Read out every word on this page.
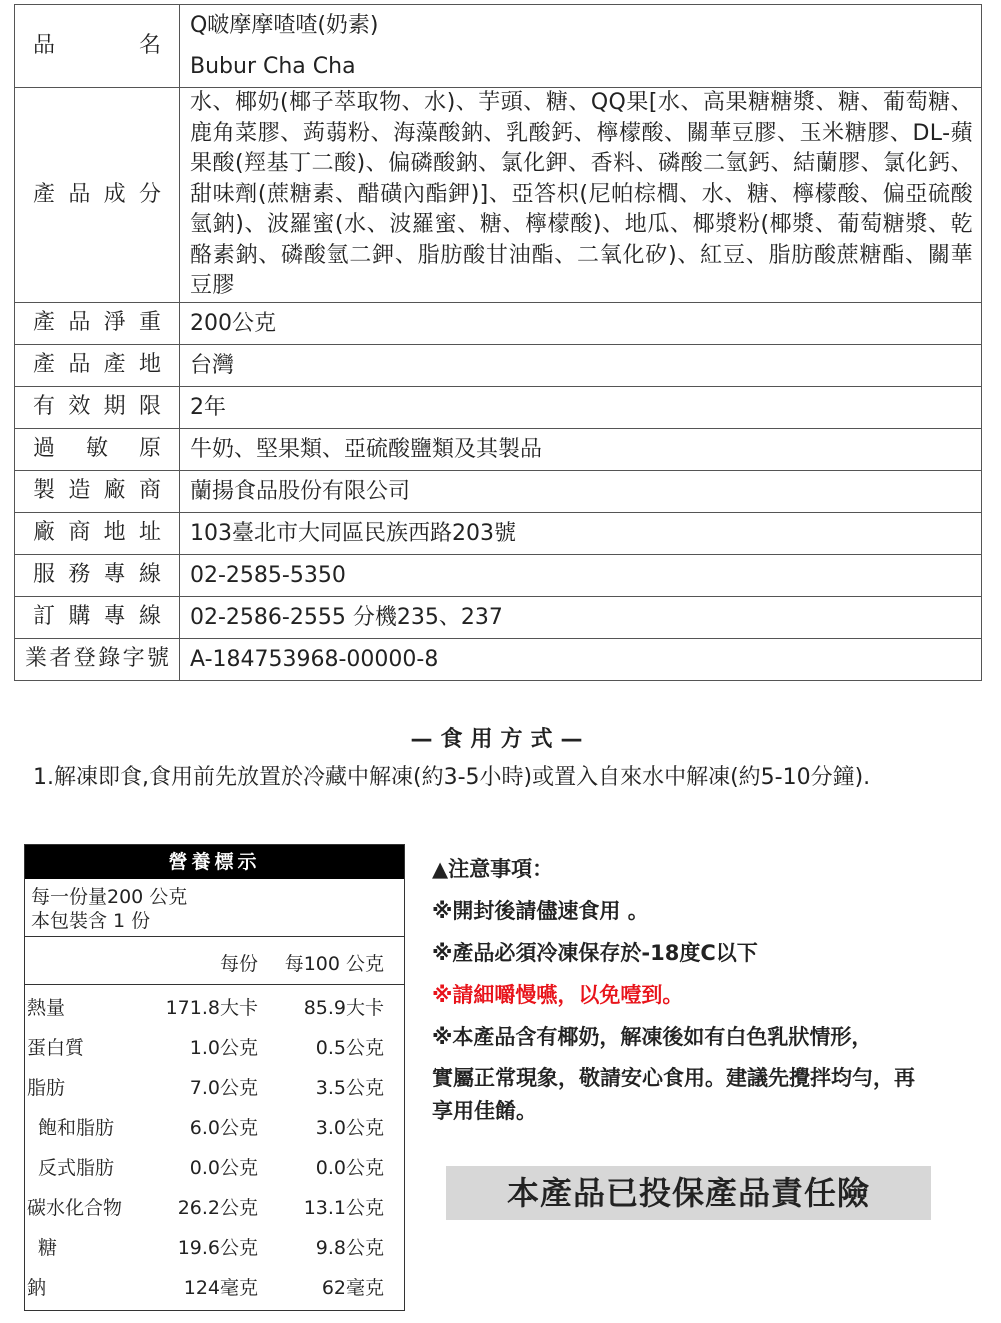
品　　名	Q啵摩摩喳喳(奶素)
Bubur Cha Cha

產品成分	水、椰奶(椰子萃取物、水)、芋頭、糖、QQ果[水、高果糖糖漿、糖、葡萄糖、鹿角菜膠、蒟蒻粉、海藻酸鈉、乳酸鈣、檸檬酸、關華豆膠、玉米糖膠、DL-蘋果酸(羥基丁二酸)、偏磷酸鈉、氯化鉀、香料、磷酸二氫鈣、結蘭膠、氯化鈣、甜味劑(蔗糖素、醋磺內酯鉀)]、亞答枳(尼帕棕櫚、水、糖、檸檬酸、偏亞硫酸氫鈉)、波羅蜜(水、波羅蜜、糖、檸檬酸)、地瓜、椰漿粉(椰漿、葡萄糖漿、乾酪素鈉、磷酸氫二鉀、脂肪酸甘油酯、二氧化矽)、紅豆、脂肪酸蔗糖酯、關華豆膠
產品淨重	200公克
產品產地	台灣
有效期限	2年
過　敏　原	牛奶、堅果類、亞硫酸鹽類及其製品
製造廠商	蘭揚食品股份有限公司
廠商地址	103臺北市大同區民族西路203號
服務專線	02-2585-5350
訂購專線	02-2586-2555 分機235、237
業者登錄字號	A-184753968-00000-8
—食用方式—
1.解凍即食,食用前先放置於冷藏中解凍(約3-5小時)或置入自來水中解凍(約5-10分鐘).
營養標示
每一份量200 公克
本包裝含 1 份
每份 每100 公克
熱量	171.8大卡 85.9大卡
蛋白質	1.0公克	0.5公克
脂肪	7.0公克	3.5公克
飽和脂肪	6.0公克	3.0公克
反式脂肪	0.0公克	0.0公克
碳水化合物	26.2公克 13.1公克
糖	19.6公克	9.8公克
鈉	124毫克	62毫克
▲注意事項：
※開封後請儘速食用 。
※產品必須冷凍保存於-18度C以下
※請細嚼慢嚥，以免噎到。
※本產品含有椰奶，解凍後如有白色乳狀情形，
實屬正常現象，敬請安心食用。建議先攪拌均勻，再享用佳餚。
本產品已投保產品責任險
